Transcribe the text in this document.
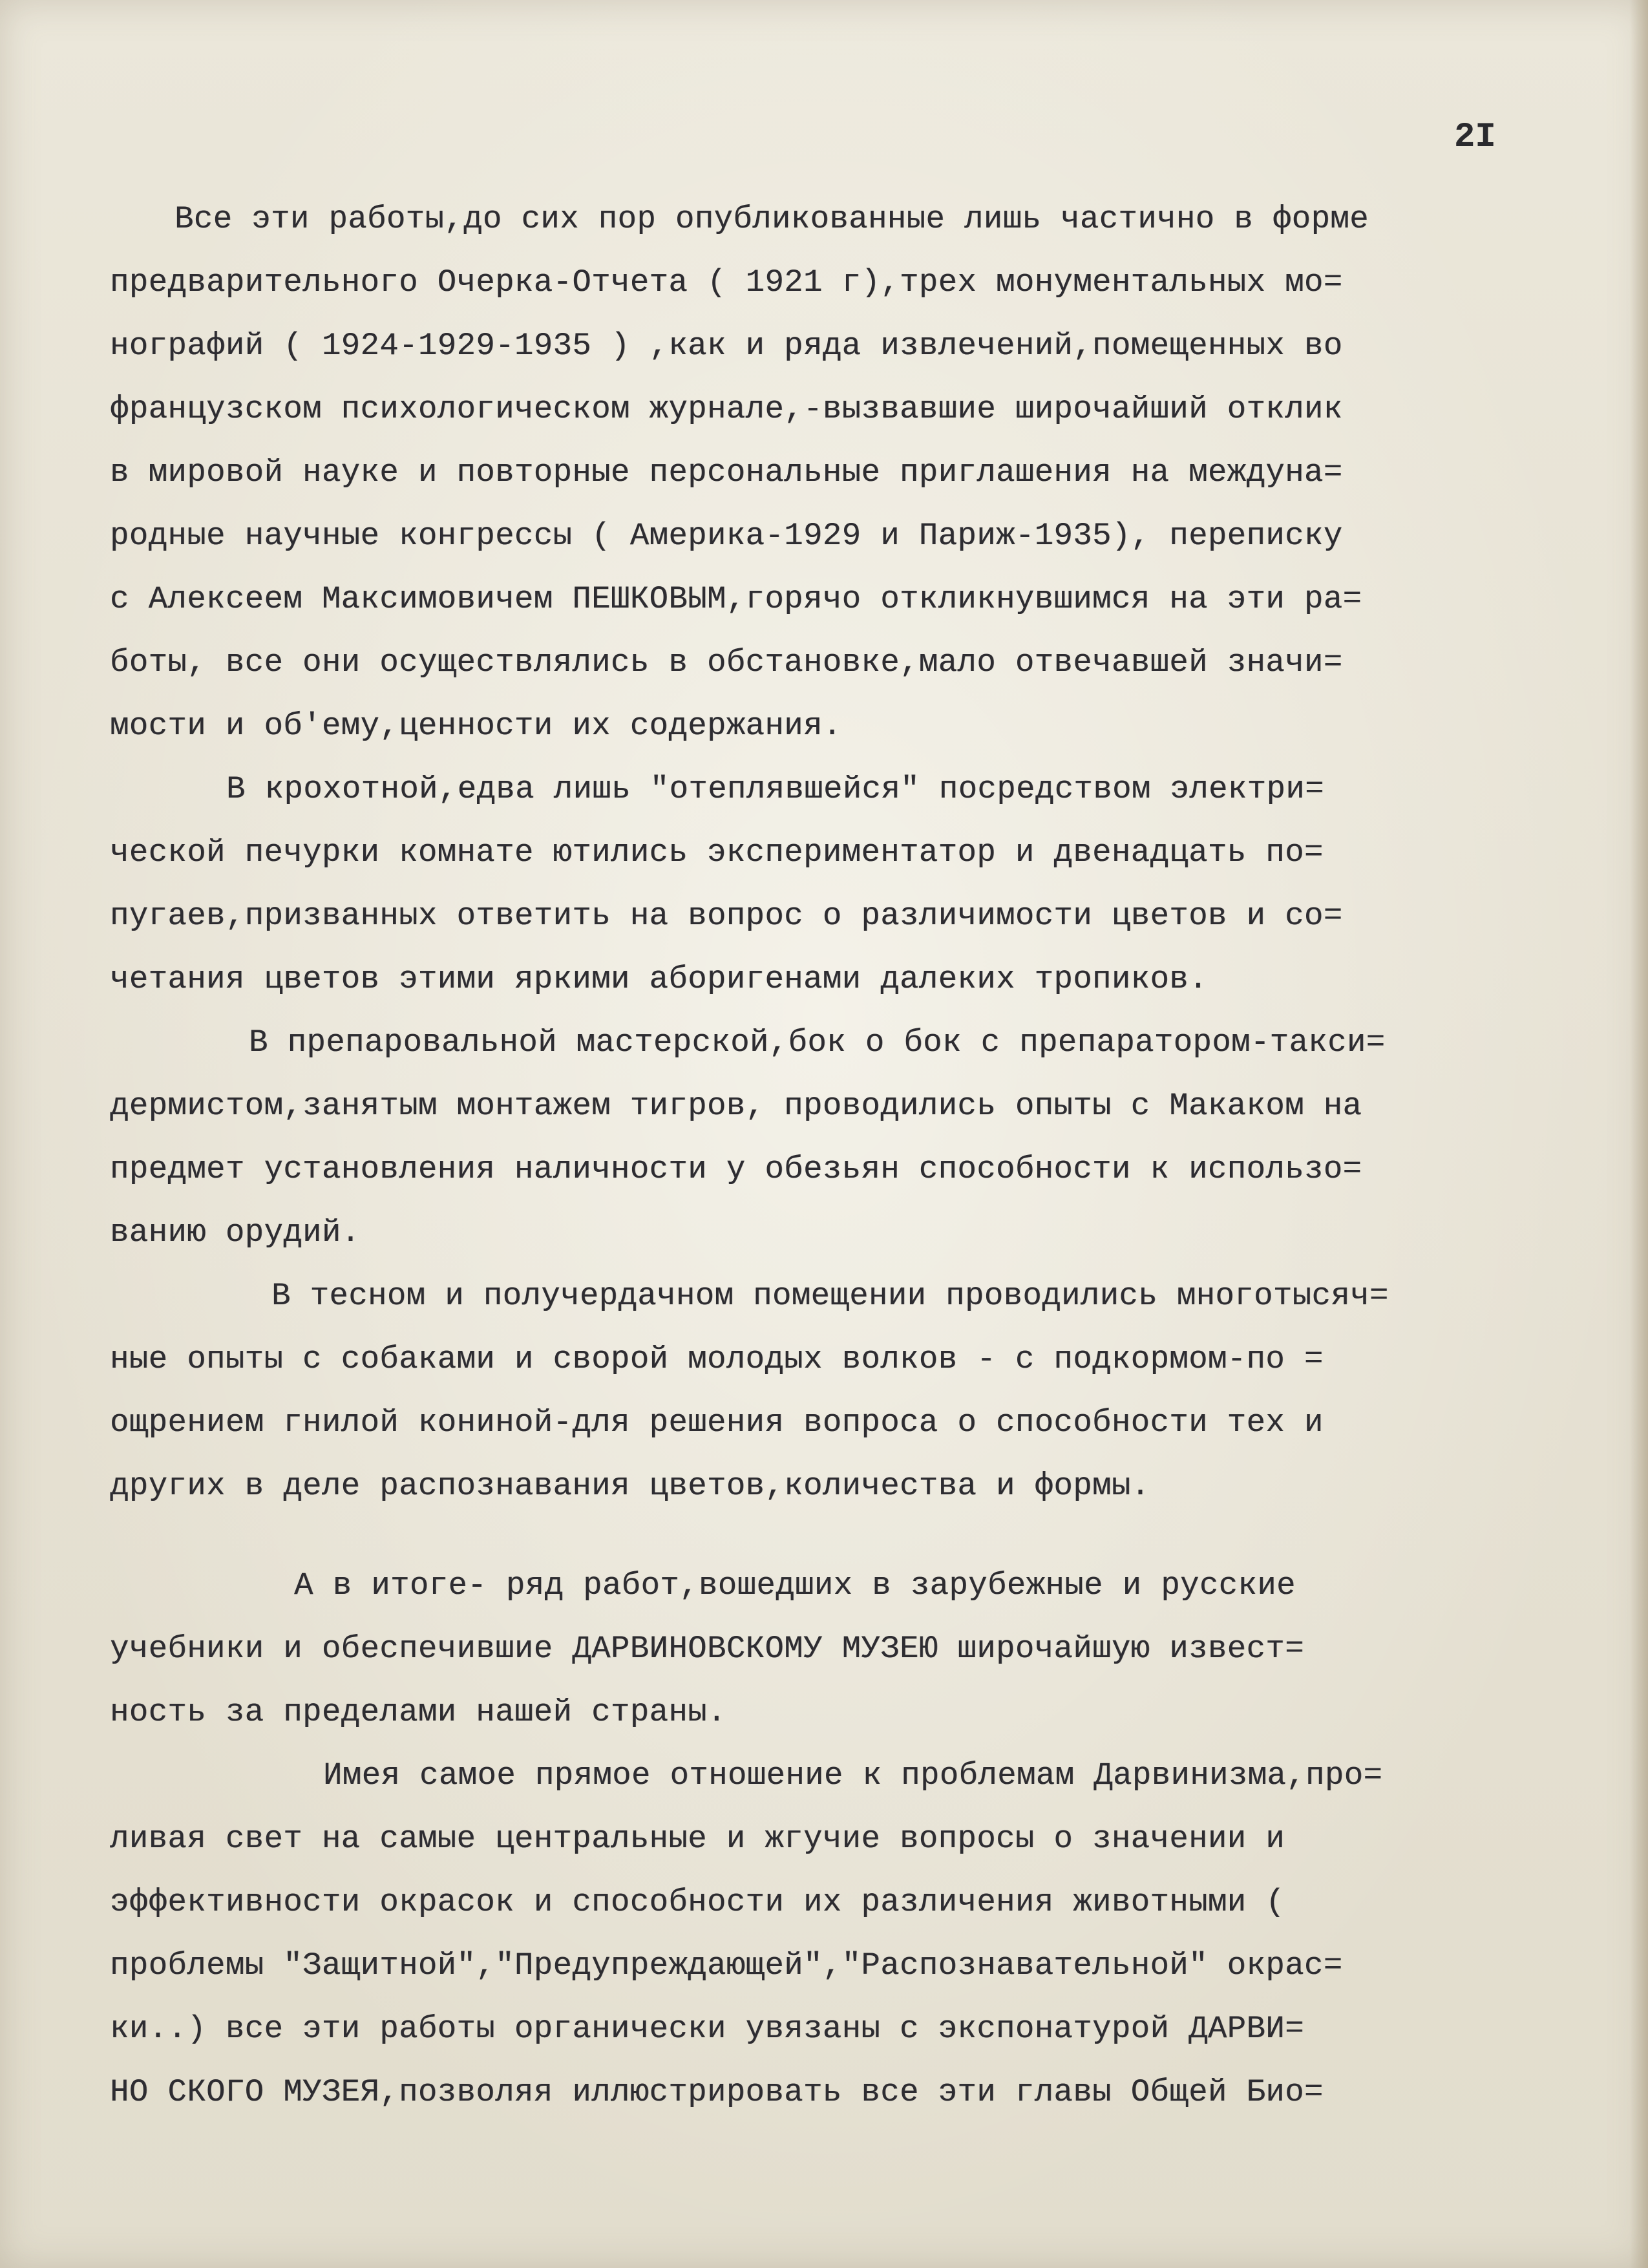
2I

Все эти работы,до сих пор опубликованные лишь частично в форме
предварительного Очерка-Отчета ( 1921 г),трех монументальных мо=
нографий ( 1924-1929-1935 ) ,как и ряда извлечений,помещенных во
французском психологическом журнале,-вызвавшие широчайший отклик
в мировой науке и повторные персональные приглашения на междуна=
родные научные конгрессы ( Америка-1929 и Париж-1935), переписку
с Алексеем Максимовичем ПЕШКОВЫМ,горячо откликнувшимся на эти ра=
боты, все они осуществлялись в обстановке,мало отвечавшей значи=
мости и об'ему,ценности их содержания.
В крохотной,едва лишь "отеплявшейся" посредством электри=
ческой печурки комнате ютились экспериментатор и двенадцать по=
пугаев,призванных ответить на вопрос о различимости цветов и со=
четания цветов этими яркими аборигенами далеких тропиков.
В препаровальной мастерской,бок о бок с препаратором-такси=
дермистом,занятым монтажем тигров, проводились опыты с Макаком на
предмет установления наличности у обезьян способности к использо=
ванию орудий.
В тесном и получердачном помещении проводились многотысяч=
ные опыты с собаками и сворой молодых волков - с подкормом-по =
ощрением гнилой кониной-для решения вопроса о способности тех и
других в деле распознавания цветов,количества и формы.
А в итоге- ряд работ,вошедших в зарубежные и русские
учебники и обеспечившие ДАРВИНОВСКОМУ МУЗЕЮ широчайшую извест=
ность за пределами нашей страны.
Имея самое прямое отношение к проблемам Дарвинизма,про=
ливая свет на самые центральные и жгучие вопросы о значении и
эффективности окрасок и способности их различения животными (
проблемы "Защитной","Предупреждающей","Распознавательной" окрас=
ки..) все эти работы органически увязаны с экспонатурой ДАРВИ=
НО СКОГО МУЗЕЯ,позволяя иллюстрировать все эти главы Общей Био=
